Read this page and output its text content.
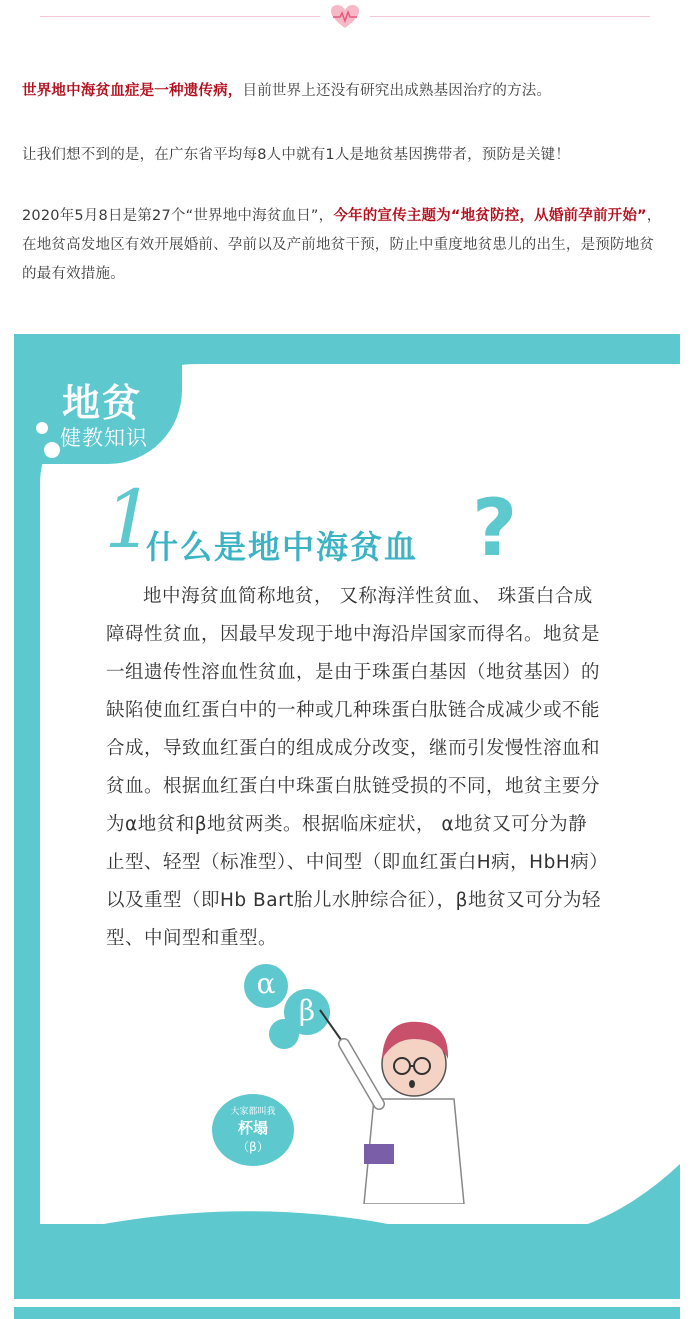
世界地中海贫血症是一种遗传病，目前世界上还没有研究出成熟基因治疗的方法。
让我们想不到的是，在广东省平均每8人中就有1人是地贫基因携带者，预防是关键！
2020年5月8日是第27个“世界地中海贫血日”，今年的宣传主题为“地贫防控，从婚前孕前开始”，在地贫高发地区有效开展婚前、孕前以及产前地贫干预，防止中重度地贫患儿的出生，是预防地贫的最有效措施。
地贫
健教知识
1
什么是地中海贫血 ?
地中海贫血简称地贫， 又称海洋性贫血、 珠蛋白合成障碍性贫血，因最早发现于地中海沿岸国家而得名。地贫是一组遗传性溶血性贫血，是由于珠蛋白基因（地贫基因）的缺陷使血红蛋白中的一种或几种珠蛋白肽链合成减少或不能合成，导致血红蛋白的组成成分改变，继而引发慢性溶血和贫血。根据血红蛋白中珠蛋白肽链受损的不同，地贫主要分为α地贫和β地贫两类。根据临床症状， α地贫又可分为静止型、轻型（标准型）、中间型（即血红蛋白H病，HbH病）以及重型（即Hb Bart胎儿水肿综合征），β地贫又可分为轻型、中间型和重型。
α
β
大家都叫我
杯塌
（β）
